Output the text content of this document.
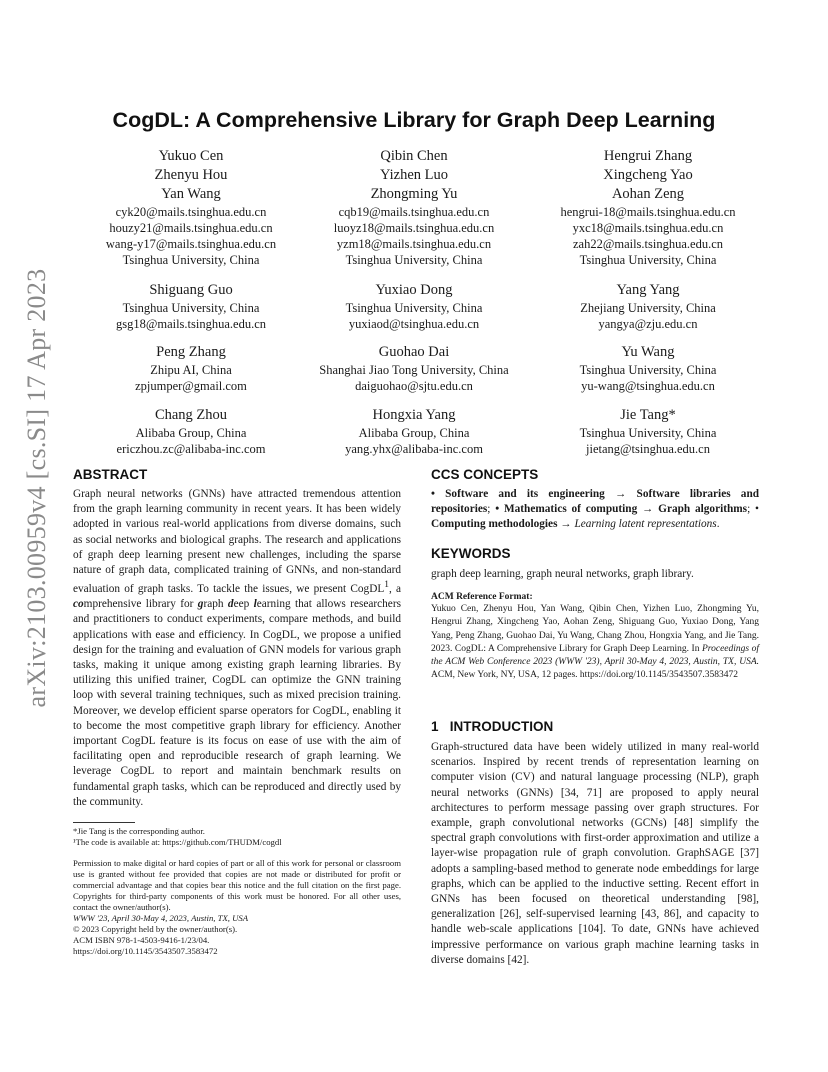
arXiv:2103.00959v4 [cs.SI] 17 Apr 2023
CogDL: A Comprehensive Library for Graph Deep Learning
Yukuo Cen
Zhenyu Hou
Yan Wang
cyk20@mails.tsinghua.edu.cn
houzy21@mails.tsinghua.edu.cn
wang-y17@mails.tsinghua.edu.cn
Tsinghua University, China
Qibin Chen
Yizhen Luo
Zhongming Yu
cqb19@mails.tsinghua.edu.cn
luoyz18@mails.tsinghua.edu.cn
yzm18@mails.tsinghua.edu.cn
Tsinghua University, China
Hengrui Zhang
Xingcheng Yao
Aohan Zeng
hengrui-18@mails.tsinghua.edu.cn
yxc18@mails.tsinghua.edu.cn
zah22@mails.tsinghua.edu.cn
Tsinghua University, China
Shiguang Guo
Tsinghua University, China
gsg18@mails.tsinghua.edu.cn
Yuxiao Dong
Tsinghua University, China
yuxiaod@tsinghua.edu.cn
Yang Yang
Zhejiang University, China
yangya@zju.edu.cn
Peng Zhang
Zhipu AI, China
zpjumper@gmail.com
Guohao Dai
Shanghai Jiao Tong University, China
daiguohao@sjtu.edu.cn
Yu Wang
Tsinghua University, China
yu-wang@tsinghua.edu.cn
Chang Zhou
Alibaba Group, China
ericzhou.zc@alibaba-inc.com
Hongxia Yang
Alibaba Group, China
yang.yhx@alibaba-inc.com
Jie Tang*
Tsinghua University, China
jietang@tsinghua.edu.cn
ABSTRACT
Graph neural networks (GNNs) have attracted tremendous attention from the graph learning community in recent years. It has been widely adopted in various real-world applications from diverse domains, such as social networks and biological graphs. The research and applications of graph deep learning present new challenges, including the sparse nature of graph data, complicated training of GNNs, and non-standard evaluation of graph tasks. To tackle the issues, we present CogDL$^1$, a comprehensive library for graph deep learning that allows researchers and practitioners to conduct experiments, compare methods, and build applications with ease and efficiency. In CogDL, we propose a unified design for the training and evaluation of GNN models for various graph tasks, making it unique among existing graph learning libraries. By utilizing this unified trainer, CogDL can optimize the GNN training loop with several training techniques, such as mixed precision training. Moreover, we develop efficient sparse operators for CogDL, enabling it to become the most competitive graph library for efficiency. Another important CogDL feature is its focus on ease of use with the aim of facilitating open and reproducible research of graph learning. We leverage CogDL to report and maintain benchmark results on fundamental graph tasks, which can be reproduced and directly used by the community.
*Jie Tang is the corresponding author.
¹The code is available at: https://github.com/THUDM/cogdl
Permission to make digital or hard copies of part or all of this work for personal or classroom use is granted without fee provided that copies are not made or distributed for profit or commercial advantage and that copies bear this notice and the full citation on the first page. Copyrights for third-party components of this work must be honored. For all other uses, contact the owner/author(s).
WWW '23, April 30-May 4, 2023, Austin, TX, USA
© 2023 Copyright held by the owner/author(s).
ACM ISBN 978-1-4503-9416-1/23/04.
https://doi.org/10.1145/3543507.3583472
CCS CONCEPTS
• Software and its engineering → Software libraries and repositories; • Mathematics of computing → Graph algorithms; • Computing methodologies → Learning latent representations.
KEYWORDS
graph deep learning, graph neural networks, graph library.
ACM Reference Format:
Yukuo Cen, Zhenyu Hou, Yan Wang, Qibin Chen, Yizhen Luo, Zhongming Yu, Hengrui Zhang, Xingcheng Yao, Aohan Zeng, Shiguang Guo, Yuxiao Dong, Yang Yang, Peng Zhang, Guohao Dai, Yu Wang, Chang Zhou, Hongxia Yang, and Jie Tang. 2023. CogDL: A Comprehensive Library for Graph Deep Learning. In Proceedings of the ACM Web Conference 2023 (WWW '23), April 30-May 4, 2023, Austin, TX, USA. ACM, New York, NY, USA, 12 pages. https://doi.org/10.1145/3543507.3583472
1   INTRODUCTION
Graph-structured data have been widely utilized in many real-world scenarios. Inspired by recent trends of representation learning on computer vision (CV) and natural language processing (NLP), graph neural networks (GNNs) [34, 71] are proposed to apply neural architectures to perform message passing over graph structures. For example, graph convolutional networks (GCNs) [48] simplify the spectral graph convolutions with first-order approximation and utilize a layer-wise propagation rule of graph convolution. GraphSAGE [37] adopts a sampling-based method to generate node embeddings for large graphs, which can be applied to the inductive setting. Recent effort in GNNs has been focused on theoretical understanding [98], generalization [26], self-supervised learning [43, 86], and capacity to handle web-scale applications [104]. To date, GNNs have achieved impressive performance on various graph machine learning tasks in diverse domains [42].
